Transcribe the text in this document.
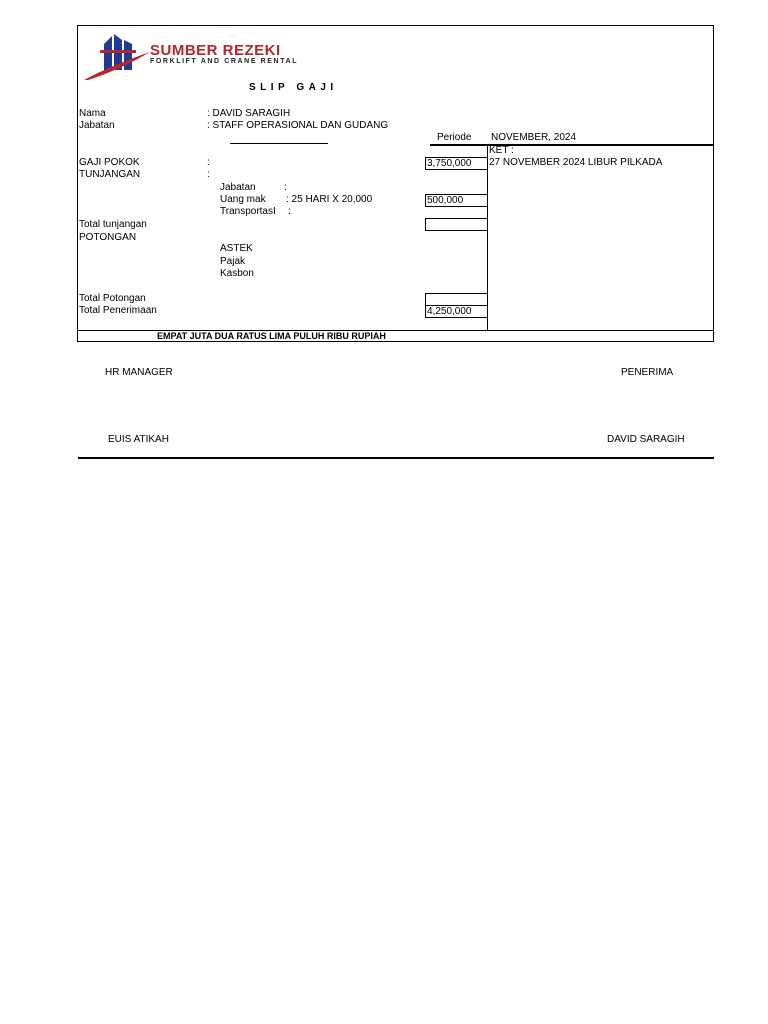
SUMBER REZEKI
FORKLIFT AND CRANE RENTAL
SLIP GAJI
Nama	: DAVID SARAGIH
Jabatan	: STAFF OPERASIONAL DAN GUDANG
Periode NOVEMBER, 2024
KET :
27 NOVEMBER 2024 LIBUR PILKADA
GAJI POKOK	:	3,750,000
TUNJANGAN	:
Jabatan	:
Uang mak : 25 HARI X 20,000	500,000
TransportasI :
Total tunjangan
POTONGAN
ASTEK
Pajak
Kasbon
Total Potongan
Total Penerimaan	4,250,000
EMPAT JUTA DUA RATUS LIMA PULUH RIBU RUPIAH
HR MANAGER	PENERIMA
EUIS ATIKAH	DAVID SARAGIH
